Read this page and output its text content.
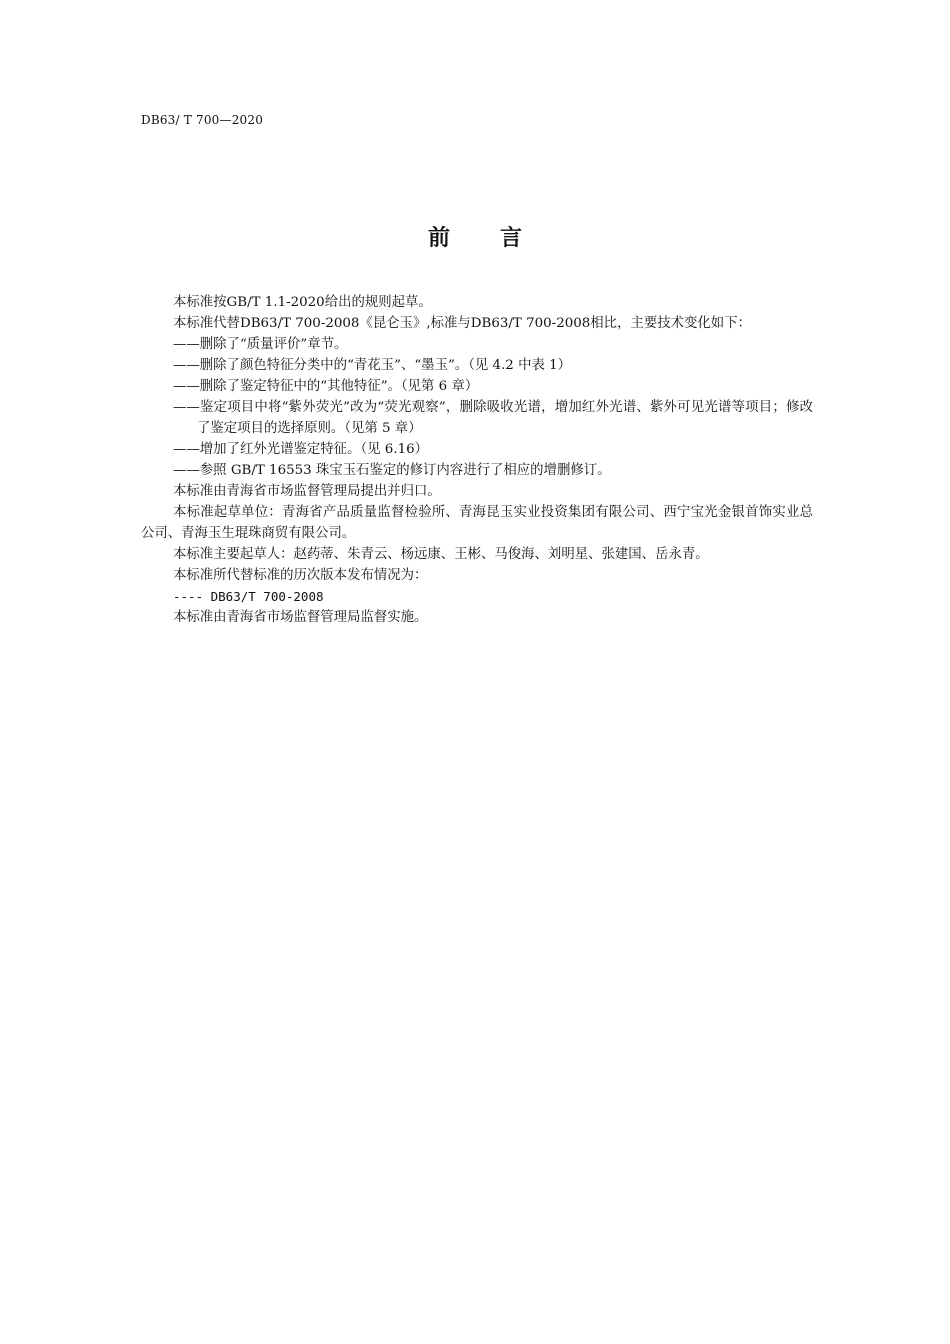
DB63/ T 700—2020
前 言

本标准按GB/T 1.1-2020给出的规则起草。

本标准代替DB63/T 700-2008《昆仑玉》,标准与DB63/T 700-2008相比，主要技术变化如下：

——删除了“质量评价”章节。

——删除了颜色特征分类中的“青花玉”、“墨玉”。（见 4.2 中表 1）

——删除了鉴定特征中的“其他特征”。（见第 6 章）

——鉴定项目中将“紫外荧光”改为“荧光观察”，删除吸收光谱，增加红外光谱、紫外可见光谱等项目；修改了鉴定项目的选择原则。（见第 5 章）

——增加了红外光谱鉴定特征。（见 6.16）

——参照 GB/T 16553 珠宝玉石鉴定的修订内容进行了相应的增删修订。

本标准由青海省市场监督管理局提出并归口。

本标准起草单位：青海省产品质量监督检验所、青海昆玉实业投资集团有限公司、西宁宝光金银首饰实业总公司、青海玉生琨珠商贸有限公司。

本标准主要起草人：赵药蒂、朱青云、杨远康、王彬、马俊海、刘明星、张建国、岳永青。

本标准所代替标准的历次版本发布情况为：

---- DB63/T 700-2008

本标准由青海省市场监督管理局监督实施。
